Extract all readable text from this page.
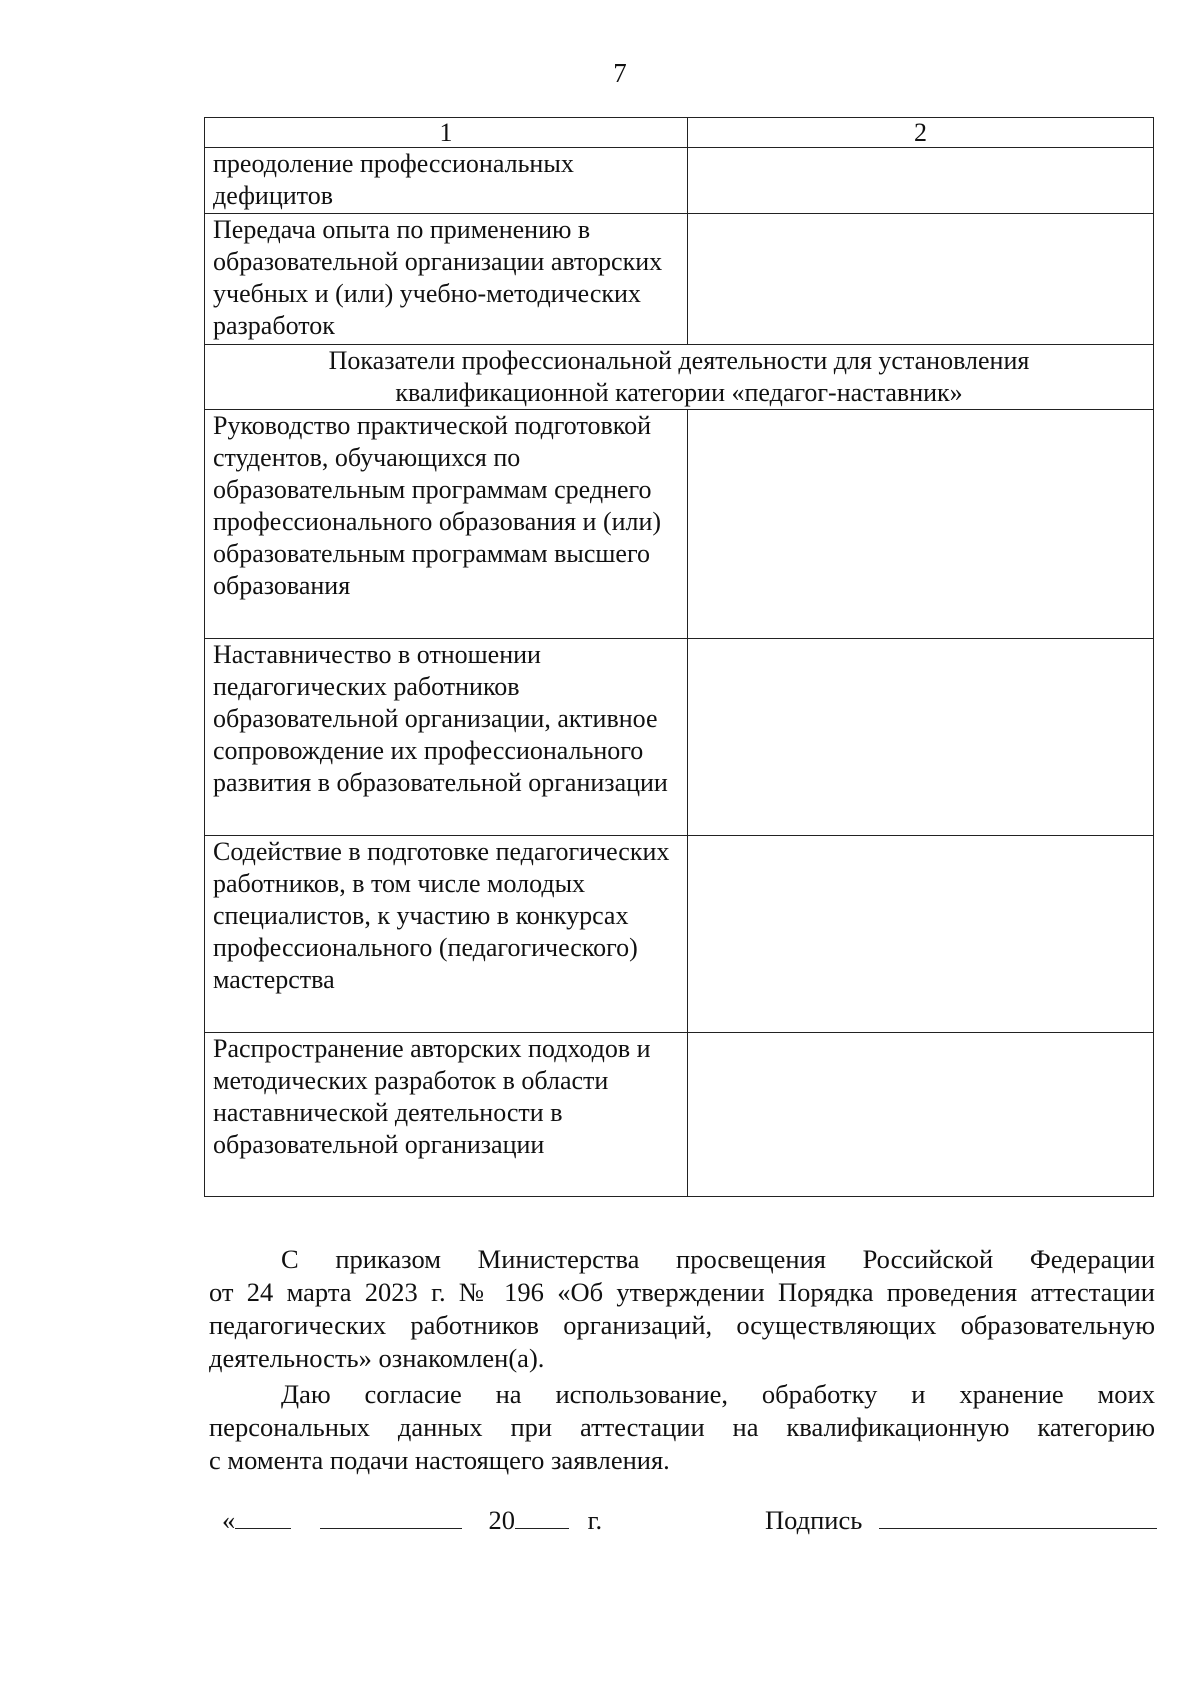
7
1	2
преодоление профессиональных дефицитов	
Передача опыта по применению в образовательной организации авторских учебных и (или) учебно-методических разработок	
Показатели профессиональной деятельности для установления квалификационной категории «педагог-наставник»	
Руководство практической подготовкой студентов, обучающихся по образовательным программам среднего профессионального образования и (или) образовательным программам высшего образования	
Наставничество в отношении педагогических работников образовательной организации, активное сопровождение их профессионального развития в образовательной организации	
Содействие в подготовке педагогических работников, в том числе молодых специалистов, к участию в конкурсах профессионального (педагогического) мастерства	
Распространение авторских подходов и методических разработок в области наставнической деятельности в образовательной организации	
С приказом Министерства просвещения Российской Федерации
от 24 марта 2023 г. № 196 «Об утверждении Порядка проведения аттестации
педагогических работников организаций, осуществляющих образовательную
деятельность» ознакомлен(а).
Даю согласие на использование, обработку и хранение моих
персональных данных при аттестации на квалификационную категорию
с момента подачи настоящего заявления.
«	20	г.	Подпись
